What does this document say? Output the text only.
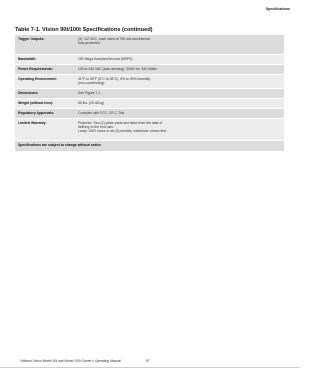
Specifications
Table 7-1. Vision 90t/100t Specifications (continued)
Trigger Outputs:	(3) +12 VDC, each rated at 750 mA and thermal
fuse-protected

Bandwidth:	150 Mega Samples/Second (MSPS)

Power Requirements:	100 to 240 VAC (auto-sensing), 50/60 Hz, 610 Watts

Operating Environment:	41°F to 95°F (5°C to 35°C), 0% to 90% humidity
(non-condensing)

Dimensions:	See Figure 7-1

Weight (without lens):	65 lbs. (29.48 kg)

Regulatory Approvals:	Complies with FCC, CE C-Tick

Limited Warranty:	Projector: Two (2) years parts and labor from the date of
delivery to the end user.
Lamp: 1000 hours or six (6) months, whichever comes first.

Specifications are subject to change without notice.	
Vidikron Vision Model 90t and Model 100t Owner’s Operating Manual	57
